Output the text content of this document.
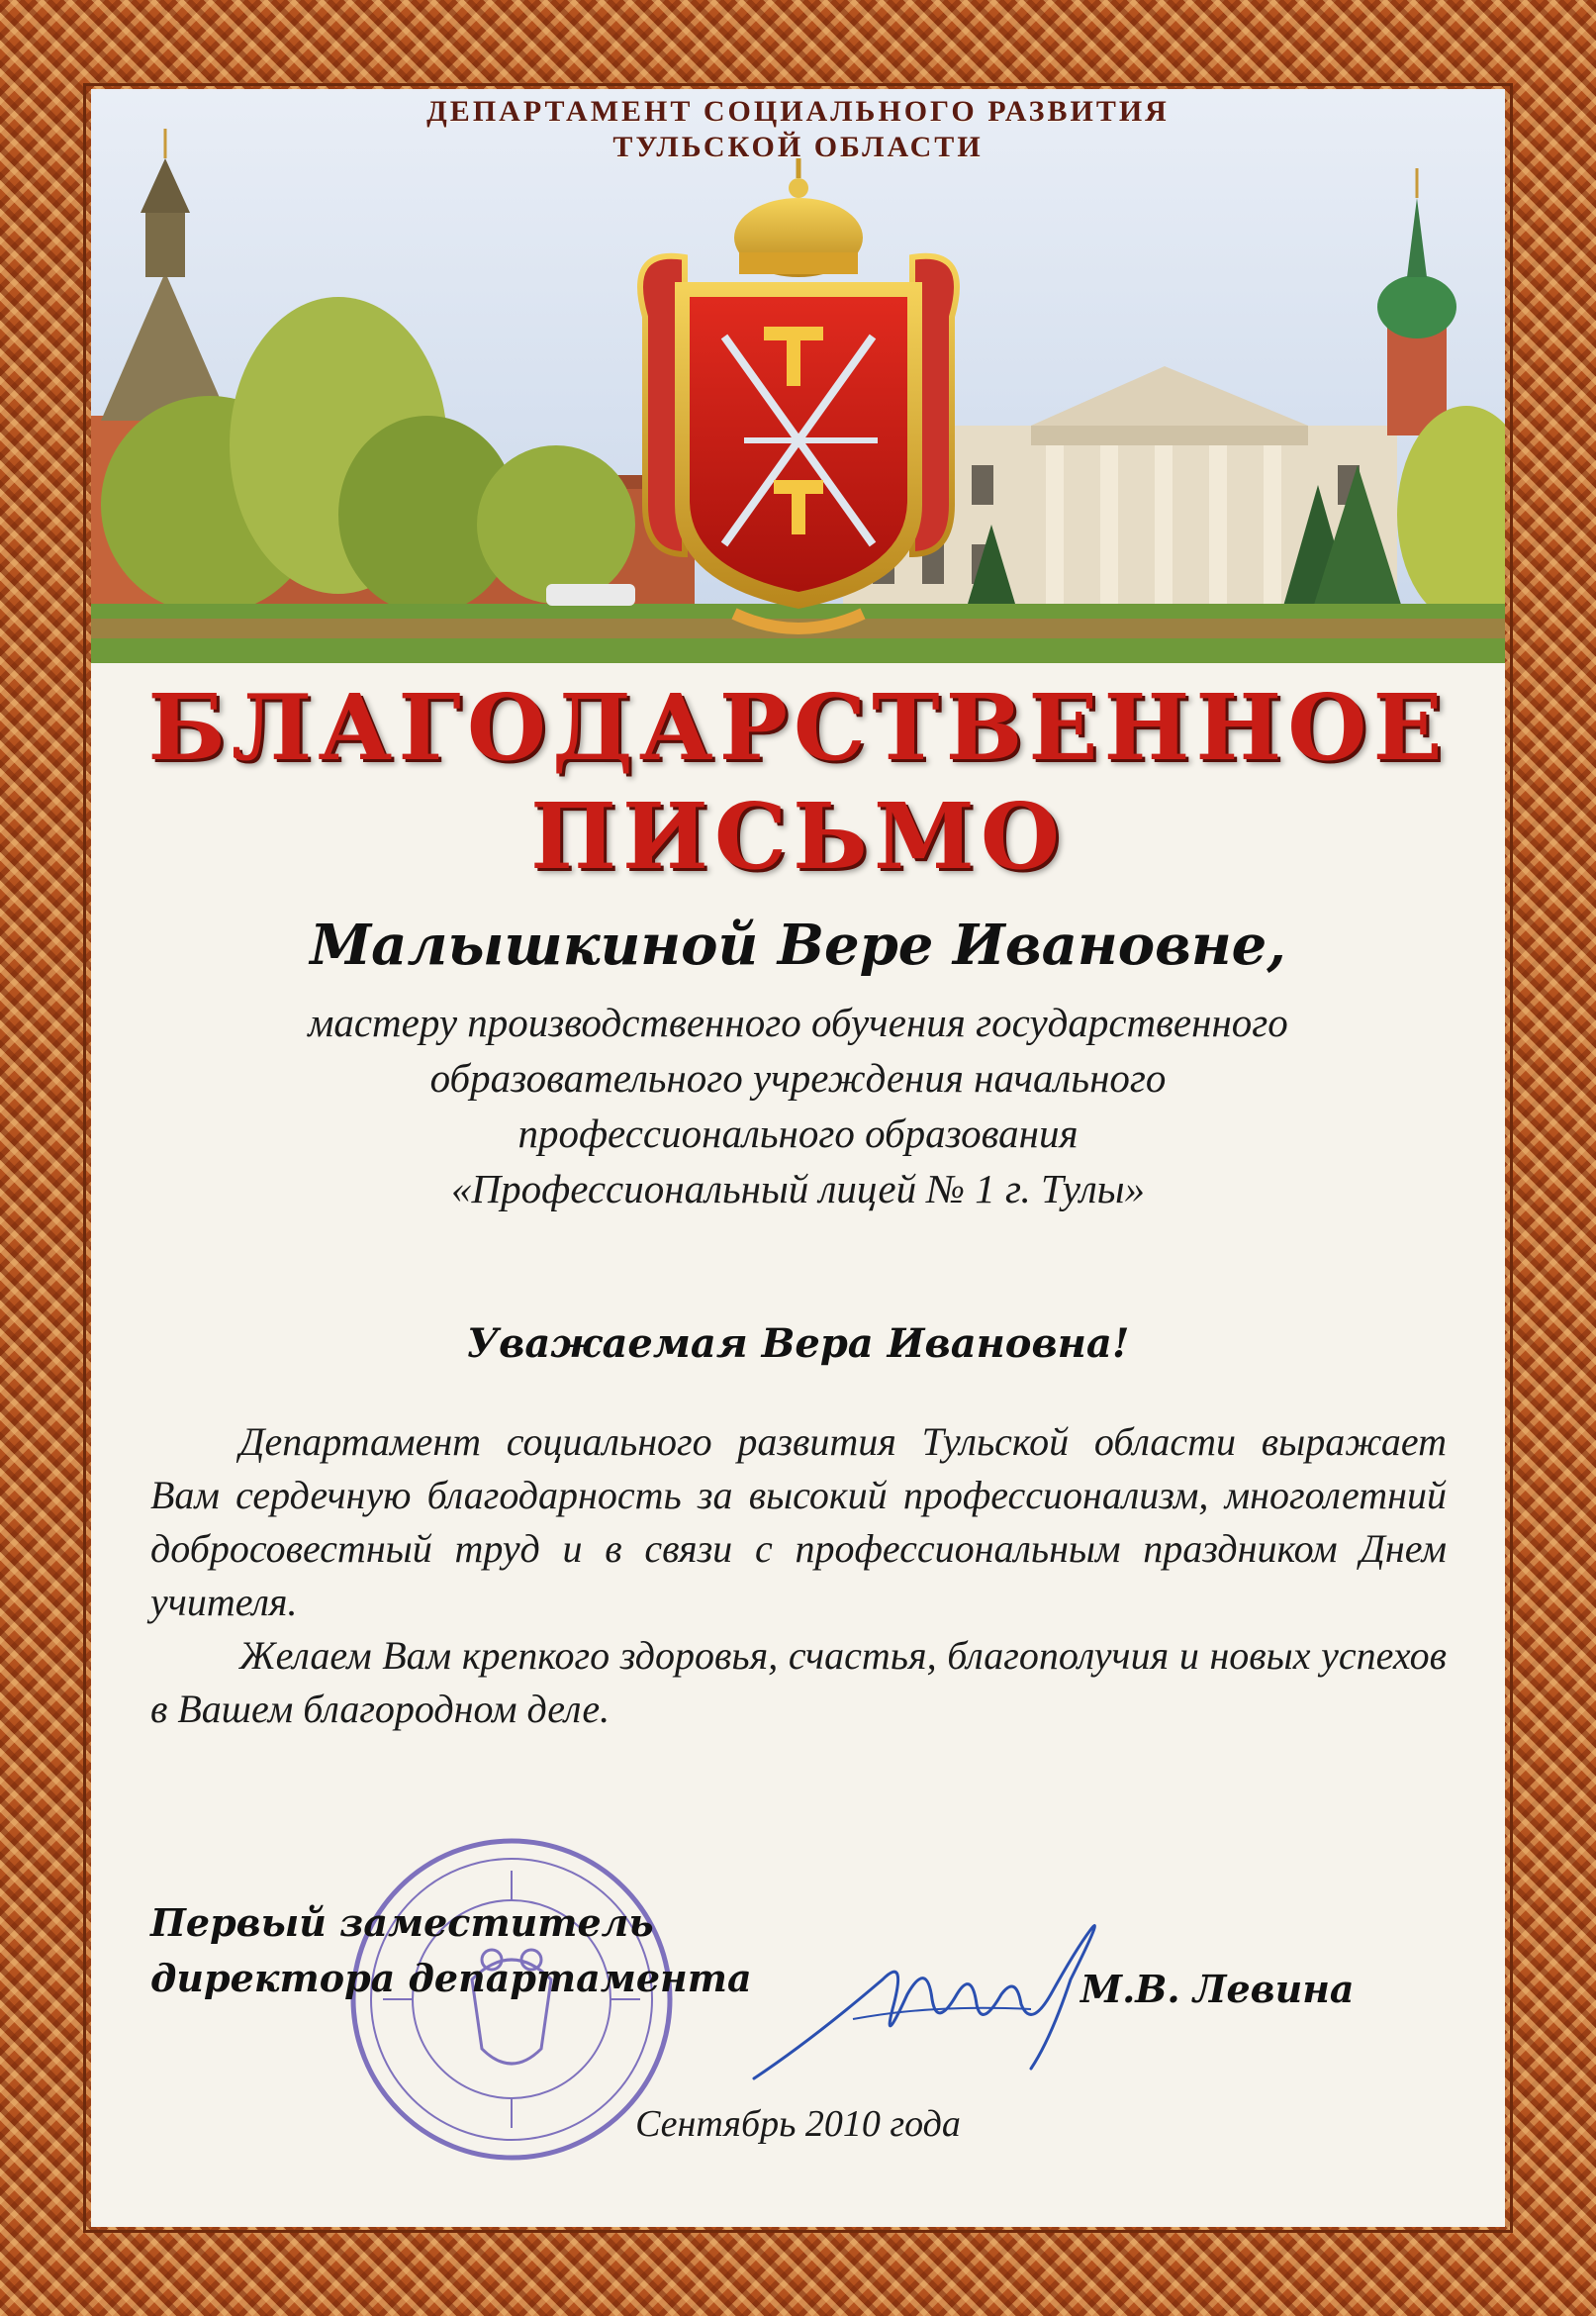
ДЕПАРТАМЕНТ СОЦИАЛЬНОГО РАЗВИТИЯ
ТУЛЬСКОЙ ОБЛАСТИ
БЛАГОДАРСТВЕННОЕ ПИСЬМО
Малышкиной Вере Ивановне,
мастеру производственного обучения государственного
образовательного учреждения начального
профессионального образования
«Профессиональный лицей № 1 г. Тулы»
Уважаемая Вера Ивановна!

Департамент социального развития Тульской области выражает Вам сердечную благодарность за высокий профессионализм, многолетний добросовестный труд и в связи с профессиональным праздником Днем учителя.

Желаем Вам крепкого здоровья, счастья, благополучия и новых успехов в Вашем благородном деле.

Первый заместитель
директора департамента	М.В. Левина
Сентябрь 2010 года
